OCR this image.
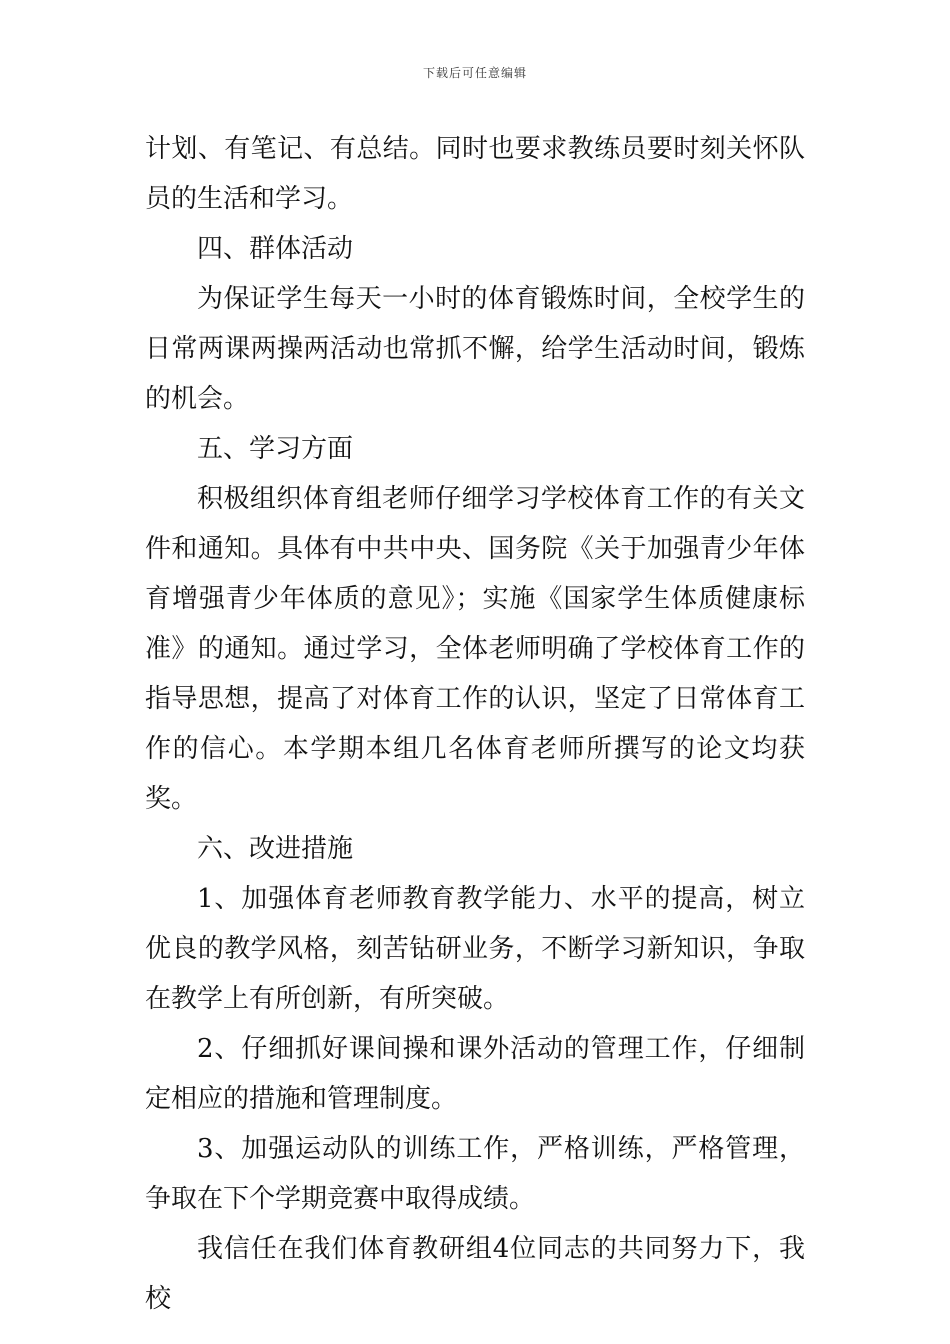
下载后可任意编辑

计划、有笔记、有总结。同时也要求教练员要时刻关怀队员的生活和学习。

四、群体活动

为保证学生每天一小时的体育锻炼时间，全校学生的日常两课两操两活动也常抓不懈，给学生活动时间，锻炼的机会。

五、学习方面

积极组织体育组老师仔细学习学校体育工作的有关文件和通知。具体有中共中央、国务院《关于加强青少年体育增强青少年体质的意见》；实施《国家学生体质健康标准》的通知。通过学习，全体老师明确了学校体育工作的指导思想，提高了对体育工作的认识，坚定了日常体育工作的信心。本学期本组几名体育老师所撰写的论文均获奖。

六、改进措施

1、加强体育老师教育教学能力、水平的提高，树立优良的教学风格，刻苦钻研业务，不断学习新知识，争取在教学上有所创新，有所突破。

2、仔细抓好课间操和课外活动的管理工作，仔细制定相应的措施和管理制度。

3、加强运动队的训练工作，严格训练，严格管理，争取在下个学期竞赛中取得成绩。

我信任在我们体育教研组4位同志的共同努力下，我校
